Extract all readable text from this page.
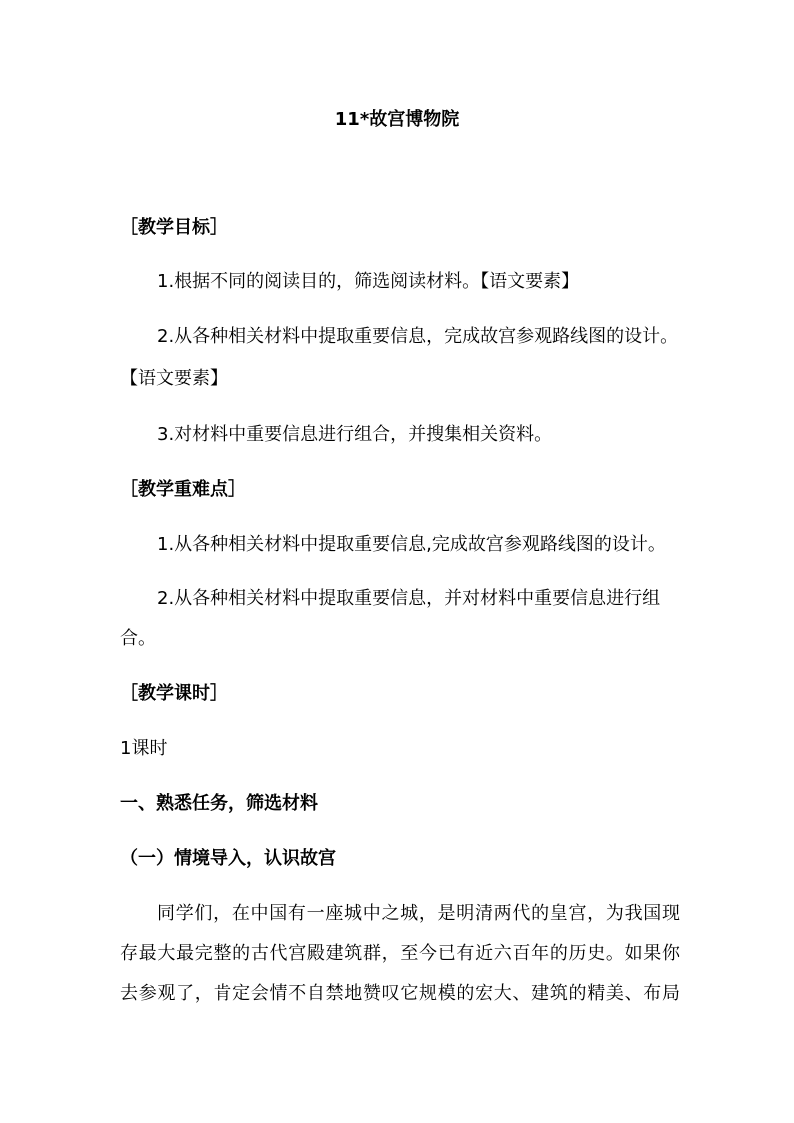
11*故宫博物院
［教学目标］
1.根据不同的阅读目的，筛选阅读材料。【语文要素】
2.从各种相关材料中提取重要信息，完成故宫参观路线图的设计。
【语文要素】
3.对材料中重要信息进行组合，并搜集相关资料。
［教学重难点］
1.从各种相关材料中提取重要信息,完成故宫参观路线图的设计。
2.从各种相关材料中提取重要信息，并对材料中重要信息进行组
合。
［教学课时］
1课时
一、熟悉任务，筛选材料
（一）情境导入，认识故宫
同学们，在中国有一座城中之城，是明清两代的皇宫，为我国现
存最大最完整的古代宫殿建筑群，至今已有近六百年的历史。如果你
去参观了，肯定会情不自禁地赞叹它规模的宏大、建筑的精美、布局
